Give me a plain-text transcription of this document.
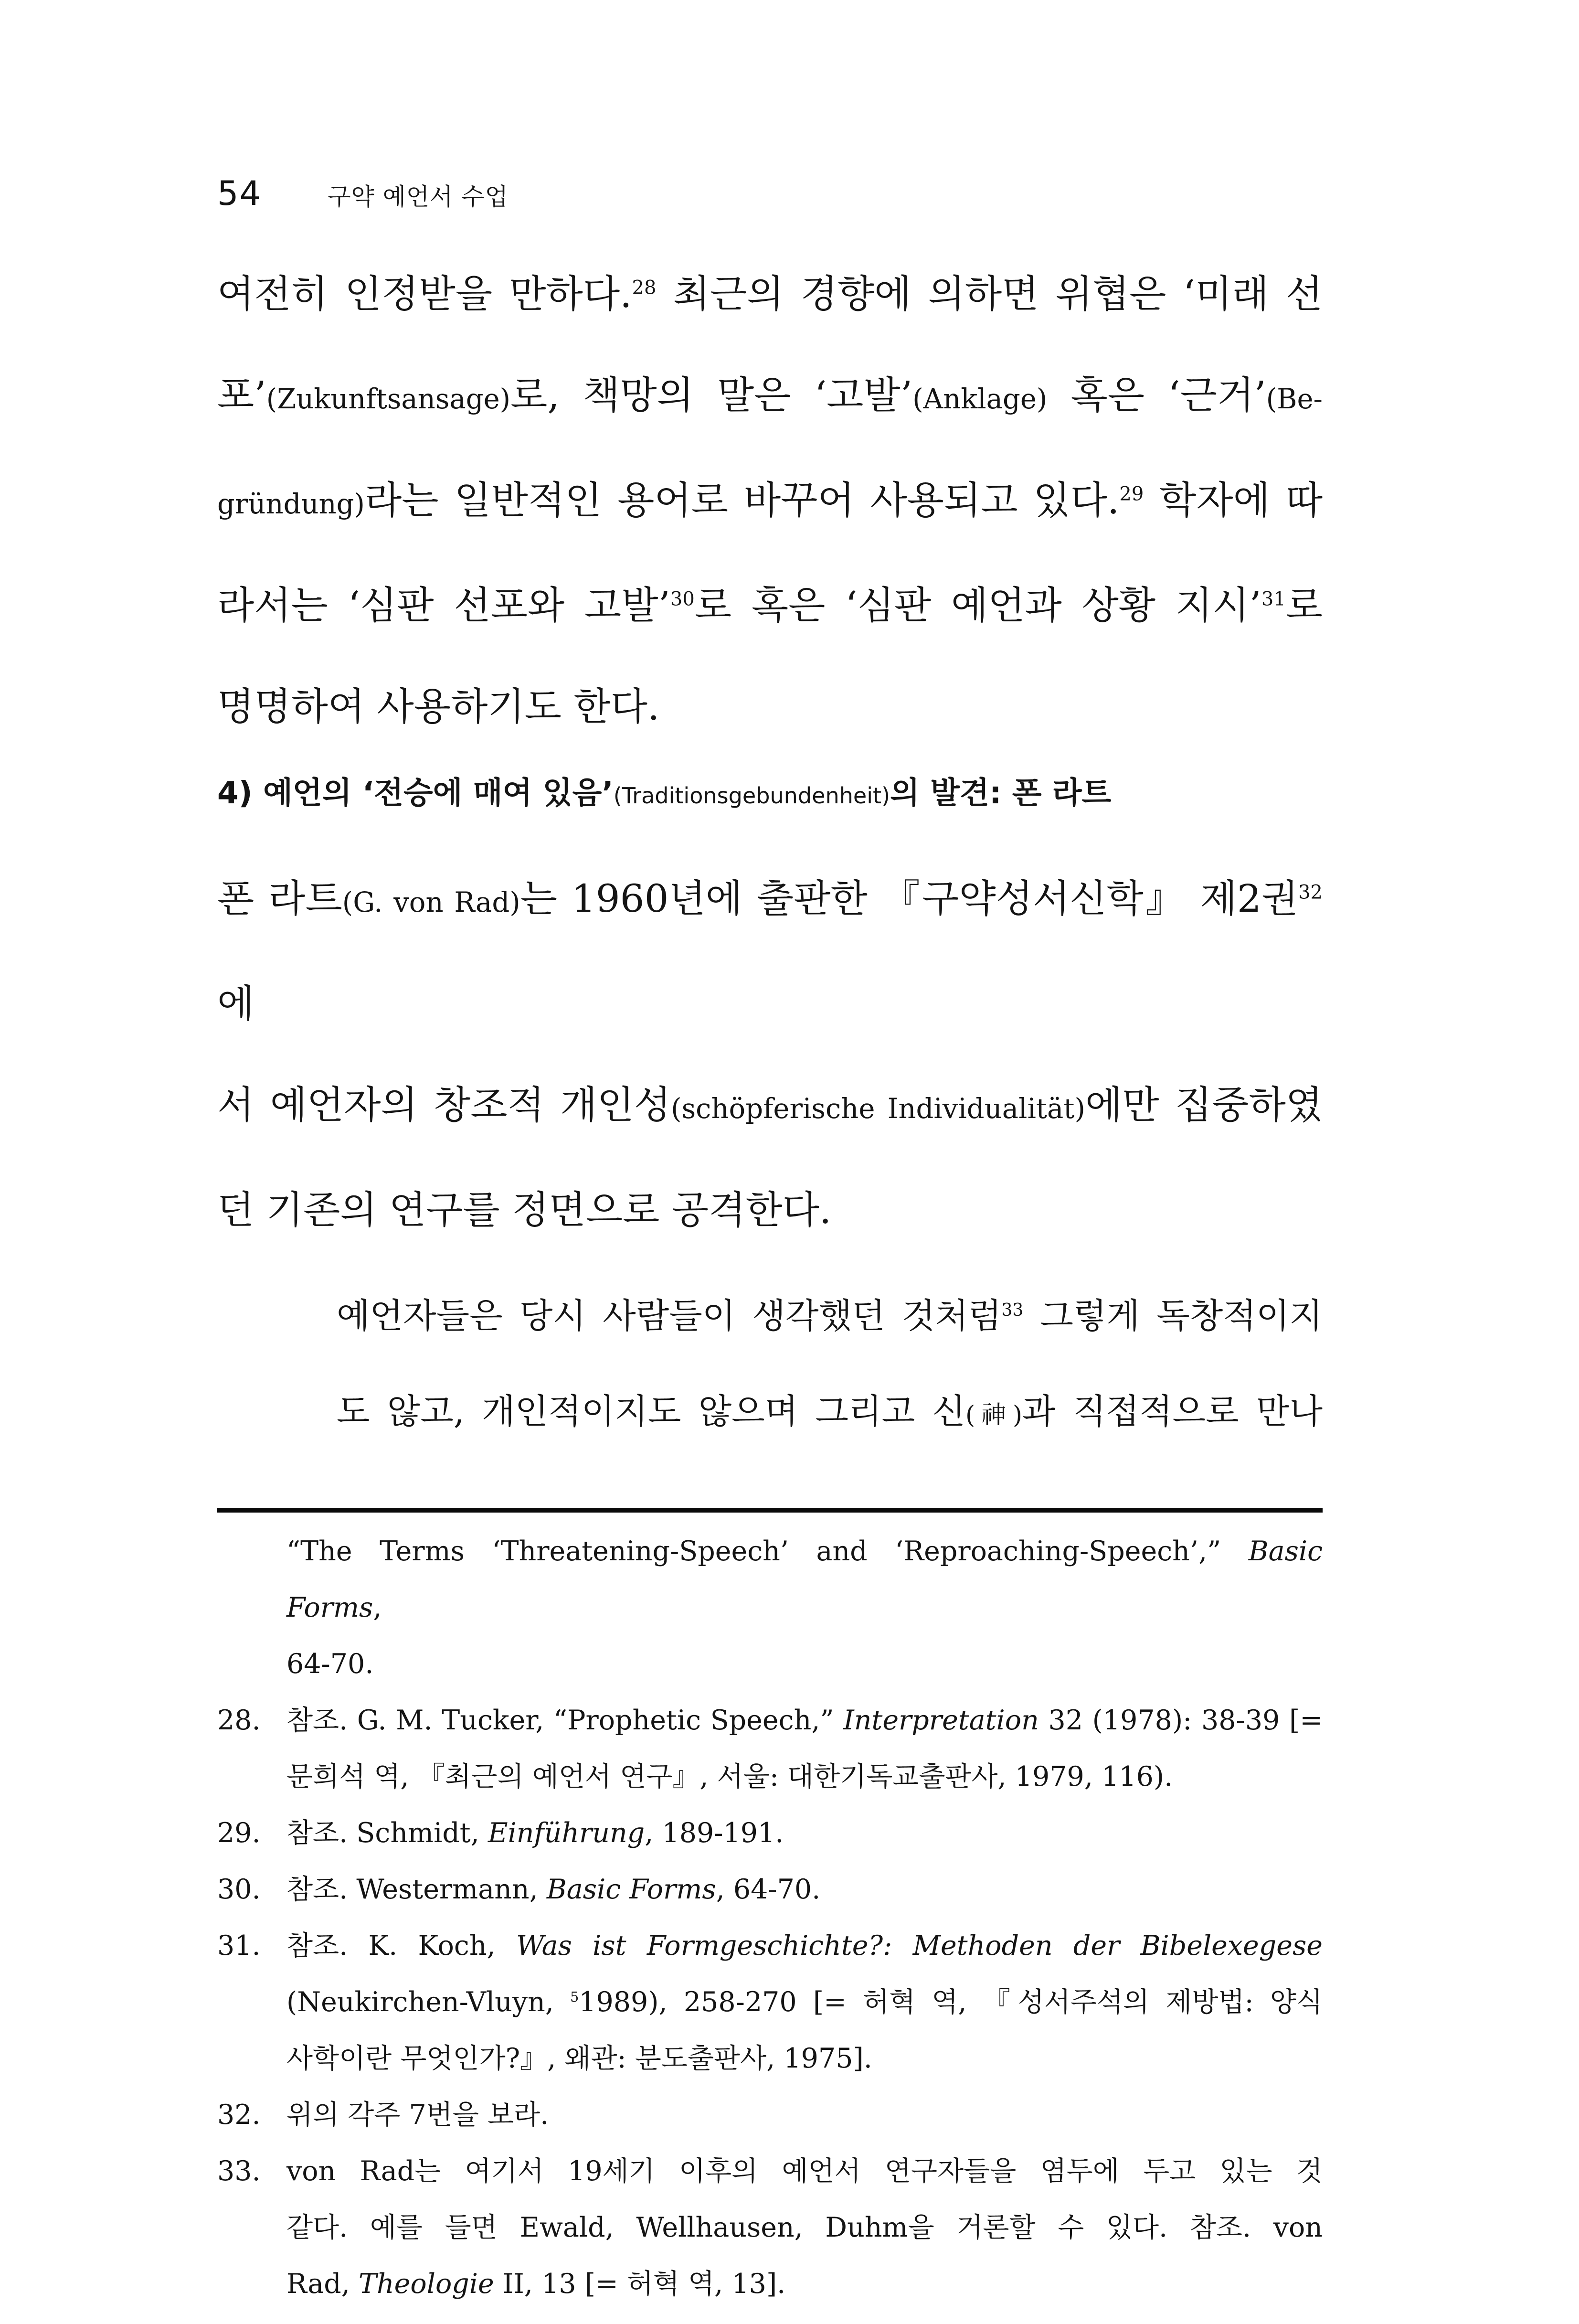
54	구약 예언서 수업
여전히 인정받을 만하다.$^{28}$ 최근의 경향에 의하면 위협은 ‘미래 선
포’(Zukunftsansage)로, 책망의 말은 ‘고발’(Anklage) 혹은 ‘근거’(Be-
gründung)라는 일반적인 용어로 바꾸어 사용되고 있다.$^{29}$ 학자에 따
라서는 ‘심판 선포와 고발’$^{30}$로 혹은 ‘심판 예언과 상황 지시’$^{31}$로
명명하여 사용하기도 한다.
4) 예언의 ‘전승에 매여 있음’(Traditionsgebundenheit)의 발견: 폰 라트
폰 라트(G. von Rad)는 1960년에 출판한 『구약성서신학』 제2권$^{32}$에
서 예언자의 창조적 개인성(schöpferische Individualität)에만 집중하였
던 기존의 연구를 정면으로 공격한다.
예언자들은 당시 사람들이 생각했던 것처럼$^{33}$ 그렇게 독창적이지
도 않고, 개인적이지도 않으며 그리고 신(神)과 직접적으로 만나
“The Terms ‘Threatening-Speech’ and ‘Reproaching-Speech’,” Basic Forms,
64-70.
28. 참조. G. M. Tucker, “Prophetic Speech,” Interpretation 32 (1978): 38-39 [=
문희석 역, 『최근의 예언서 연구』, 서울: 대한기독교출판사, 1979, 116).
29. 참조. Schmidt, Einführung, 189-191.
30. 참조. Westermann, Basic Forms, 64-70.
31. 참조. K. Koch, Was ist Formgeschichte?: Methoden der Bibelexegese
(Neukirchen-Vluyn, $^5$1989), 258-270 [= 허혁 역, 『성서주석의 제방법: 양식
사학이란 무엇인가?』, 왜관: 분도출판사, 1975].
32. 위의 각주 7번을 보라.
33. von Rad는 여기서 19세기 이후의 예언서 연구자들을 염두에 두고 있는 것
같다. 예를 들면 Ewald, Wellhausen, Duhm을 거론할 수 있다. 참조. von
Rad, Theologie II, 13 [= 허혁 역, 13].
